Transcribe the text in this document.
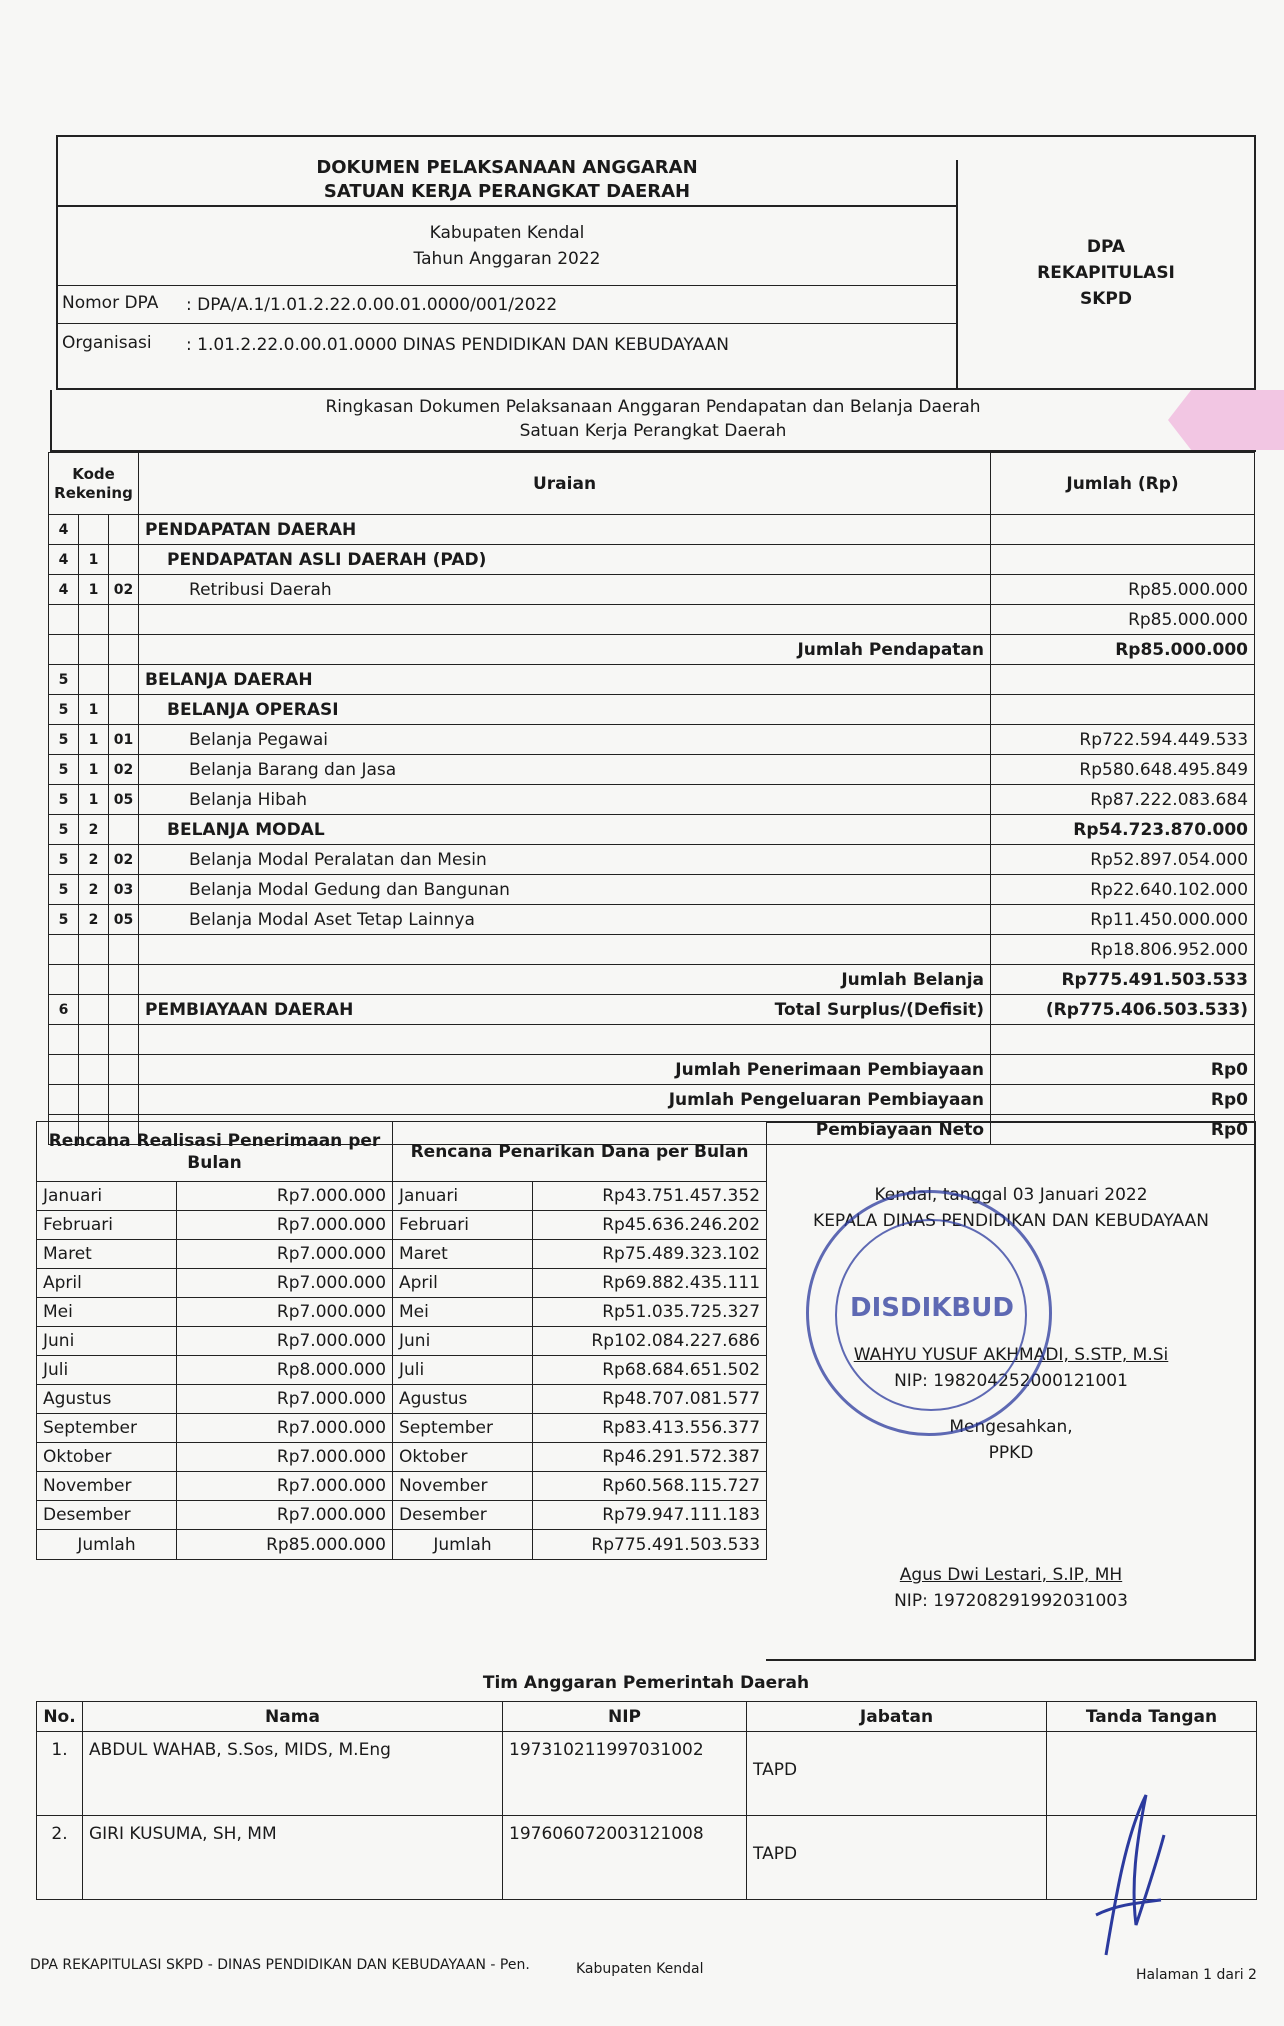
DOKUMEN PELAKSANAAN ANGGARAN
SATUAN KERJA PERANGKAT DAERAH
Kabupaten Kendal
Tahun Anggaran 2022
Nomor DPA : DPA/A.1/1.01.2.22.0.00.01.0000/001/2022
Organisasi : 1.01.2.22.0.00.01.0000 DINAS PENDIDIKAN DAN KEBUDAYAAN
DPA
REKAPITULASI
SKPD
Ringkasan Dokumen Pelaksanaan Anggaran Pendapatan dan Belanja Daerah
Satuan Kerja Perangkat Daerah
Kode Rekening			Uraian	Jumlah (Rp)
4			PENDAPATAN DAERAH	
4	1		PENDAPATAN ASLI DAERAH (PAD)	
4	1	02	Retribusi Daerah	Rp85.000.000
				Rp85.000.000
			Jumlah Pendapatan	Rp85.000.000
5			BELANJA DAERAH	
5	1		BELANJA OPERASI	
5	1	01	Belanja Pegawai	Rp722.594.449.533
5	1	02	Belanja Barang dan Jasa	Rp580.648.495.849
5	1	05	Belanja Hibah	Rp87.222.083.684
5	2		BELANJA MODAL	Rp54.723.870.000
5	2	02	Belanja Modal Peralatan dan Mesin	Rp52.897.054.000
5	2	03	Belanja Modal Gedung dan Bangunan	Rp22.640.102.000
5	2	05	Belanja Modal Aset Tetap Lainnya	Rp11.450.000.000
				Rp18.806.952.000
			Jumlah Belanja	Rp775.491.503.533
6			PEMBIAYAAN DAERAH Total Surplus/(Defisit)	(Rp775.406.503.533)

			Jumlah Penerimaan Pembiayaan	Rp0
			Jumlah Pengeluaran Pembiayaan	Rp0
			Pembiayaan Neto	Rp0
Rencana Realisasi Penerimaan per Bulan		Rencana Penarikan Dana per Bulan	
Januari	Rp7.000.000	Januari	Rp43.751.457.352
Februari	Rp7.000.000	Februari	Rp45.636.246.202
Maret	Rp7.000.000	Maret	Rp75.489.323.102
April	Rp7.000.000	April	Rp69.882.435.111
Mei	Rp7.000.000	Mei	Rp51.035.725.327
Juni	Rp7.000.000	Juni	Rp102.084.227.686
Juli	Rp8.000.000	Juli	Rp68.684.651.502
Agustus	Rp7.000.000	Agustus	Rp48.707.081.577
September	Rp7.000.000	September	Rp83.413.556.377
Oktober	Rp7.000.000	Oktober	Rp46.291.572.387
November	Rp7.000.000	November	Rp60.568.115.727
Desember	Rp7.000.000	Desember	Rp79.947.111.183
Jumlah	Rp85.000.000	Jumlah	Rp775.491.503.533
Kendal, tanggal 03 Januari 2022
KEPALA DINAS PENDIDIKAN DAN KEBUDAYAAN
WAHYU YUSUF AKHMADI, S.STP, M.Si
NIP: 198204252000121001
Mengesahkan,
PPKD
Agus Dwi Lestari, S.IP, MH
NIP: 197208291992031003
Tim Anggaran Pemerintah Daerah
No.	Nama	NIP	Jabatan	Tanda Tangan
1.	ABDUL WAHAB, S.Sos, MIDS, M.Eng	197310211997031002	TAPD	
2.	GIRI KUSUMA, SH, MM	197606072003121008	TAPD	
DPA REKAPITULASI SKPD - DINAS PENDIDIKAN DAN KEBUDAYAAN - Pen.	Kabupaten Kendal	Halaman 1 dari 2
DISDIKBUD
